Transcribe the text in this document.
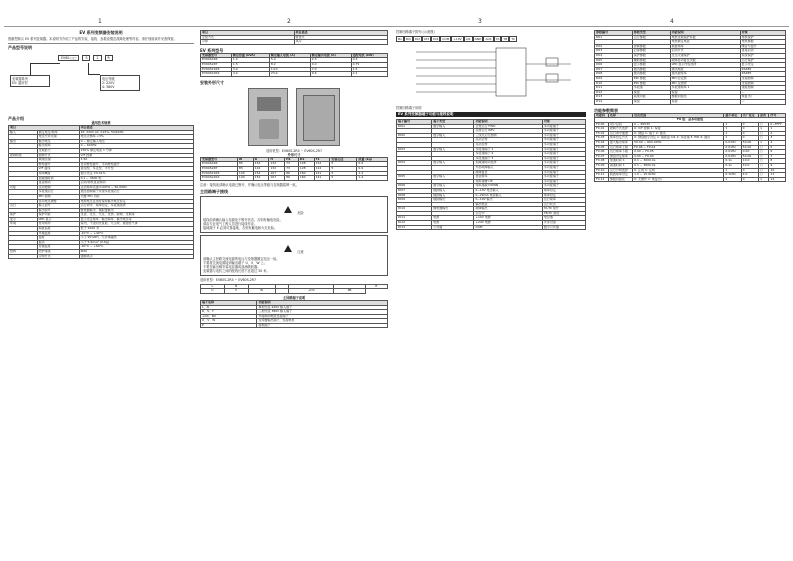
1	2	3	4
EV 系列变频器安装说明
感谢您购买 EV 系列变频器。本说明书介绍了产品的安装、接线、参数设置及故障处理等内容，请仔细阅读并妥善保管。
产品型号说明
EV60-□□	S	2	R
变频器系列
EV: 通用型
电压等级
2: 220V
4: 380V
产品介绍
通用技术规格
项目		项目描述
输入	额定电压/频率	1P, 220V AC ±15%, 50/60Hz
	电压允许范围	电压失衡率 <3%
输出	输出电压	0 ~ 额定输入电压
	输出频率	0 ~ 600Hz
	过载能力	150% 额定电流 1 分钟
控制特性	控制方式	V/F 控制
	调速范围	1:50
	转矩提升	自动转矩提升、手动转矩提升
	V/F 曲线	直线型、多点型、平方型
	频率精度	数字设定 ±0.01%
	加减速时间	0.1 ~ 3600 秒
	直流制动	启动/停机直流制动
功能	点动控制	点动频率范围 0.00Hz ~ 50.00Hz
	多段速运行	通过控制端子实现多段速运行
	PID 控制	内置 PID 功能
	自动电压调整	电网电压变化时保持输出电压恒定
运行	输入信号	运行命令、频率给定、多段速选择
	输出信号	继电器输出、模拟量输出
保护	保护功能	过流、过压、欠压、过热、缺相、过载等
显示	LED 显示	显示设定频率、输出频率、输出电压等
环境	使用场所	室内，不受阳光直射，无尘埃、腐蚀性气体
	海拔高度	低于 1000 米
	环境温度	-10°C ~ +40°C
	湿度	小于 95%RH，无水珠凝结
	振动	小于 5.9m/s² (0.6g)
	存储温度	-20°C ~ +60°C
结构	防护等级	IP20
	冷却方式	强制风冷
项目	项目描述
安装方式	壁挂式
冷却	风冷
EV 系列型号
变频器型号	额定容量 (kVA)	额定输入电流 (A)	额定输出电流 (A)	适配电机 (kW)
EV60S2R4	1.0	5.4	2.3	0.4
EV60S2R7	1.5	8.2	4.0	0.75
EV60S21R5	3.0	14.0	7.0	1.5
EV60S22R2	4.0	23.0	9.6	2.2
安装外形尺寸
适用机型：EV60S-2R4 ~ EV60S-2R7
外形尺寸
变频器型号	W	D	H	H1	D1	T1	安装孔径	质量 (kg)
EV60S2R4	85	142	132	73	128	112	5	0.9
EV60S2R7	85	142	132	73	128	112	5	0.9
EV60S21R5	100	152	167	86	160	141	5	1.4
EV60S22R2	100	152	167	86	160	141	5	1.4
注意：接线前请确认电源已断开，并确认电压等级与变频器铭牌一致。
主回路端子接线
危险
接线前请确认输入电源处于断开状态，否则有触电危险。
请由专业电气工程人员进行接线作业。
接地端子 E 必须可靠接地，否则有触电和火灾危险。
注意
请确认主回路交流电源的电压与变频器额定电压一致。
不要将交流电源接到输出端子 U、V、W 上。
不要在输出侧安装电容器或浪涌吸收器。
变频器与电机之间的配线长度不宜超过 50 米。
适用机型：EV60S-2R4 ~ EV60S-2R7
L	N					E
U	V	W		+DC	PB	
主回路端子说明
端子名称	功能说明
L、N	单相交流 220V 输入端子
R、S、T	三相交流 380V 输入端子
+DC、B2	外接制动电阻连接端子
U、V、W	变频器输出端子，连接电机
E	接地端子
控制回路端子排列 (示意图)
Bx	DI1	DI2	DI3	DI4	COM	+10V	AI1	GND	AO1	TA	TB	TC
控制回路端子说明
EV 系列变频器端子功能与接线说明
端子编号	端子类型	功能说明	对象
DI01	数字输入	正转运行 FWD	多功能端子
		反转运行 REV	多功能端子
DI02	数字输入	三线式运行控制	多功能端子
		点动正转	多功能端子
		点动反转	多功能端子
DI03	数字输入	多段速端子 1	多功能端子
		多段速端子 2	多功能端子
		多段速端子 3	多功能端子
DI04	数字输入	加减速时间选择	多功能端子
		外部故障输入	多功能端子
		故障复位	多功能端子
DI05	数字输入	自由停车	多功能端子
		频率递增 UP	多功能端子
DI06	数字输入	频率递减 DOWN	多功能端子
DI07	模拟输入	0~10V 电压输入	频率给定
DI08	模拟输入	0~20mA 电流输入	频率给定
DI09	模拟输出	0~10V 输出	运行频率
		输出电流	运行状态
DI10	继电器输出	故障输出	TA-TC 常开
		运行中	TB-TC 常闭
DI11	电源	+10V 电源	电位器
DI12	电源	+24V 电源	外部设备
DI13	公共端	COM	数字公共端
参数编号	参数类型	功能说明	对象
D01	运行参数	电机过载保护系数	电机保护
		电机额定电流	电机参数
D02	控制参数	载波频率	噪音与温升
D03	启停参数	启动方式	直接启动
D04	保护参数	过压失速保护	系统保护
D05	辅助参数	故障自动复位次数	运行保护
D06	显示参数	LED 显示内容选择	显示设定
D07	通讯参数	通讯地址	RS485
D08	通讯参数	通讯波特率	RS485
D09	PID 参数	PID 给定源	过程控制
D10	PID 参数	PID 反馈源	过程控制
D11	多段速	多段速频率 1	速度控制
D12	保留	保留	—
D13	高级功能	参数初始化	恢复出厂
D14	保留	保留	—
功能参数简表
功能码	名称	设定范围	最小单位	出厂设定	更改	序号
F0 组：基本功能组						
F0.00	用户密码	0 ~ 65535	1	0	○	0~FFFF
F0.01	控制方式选择	0: V/F 控制 1: 保留	1	0	×	1
F0.02	运行命令通道	0: 键盘 1: 端子 2: 通讯	1	0	○	2
F0.03	频率给定方式	0: 键盘数字设定 1: 模拟量 AI1 2: 多段速 3: PID 4: 通讯	1	0	○	3
F0.04	最大输出频率	50.00 ~ 600.00Hz	0.01Hz	50.00	×	4
F0.05	运行频率上限	F0.06 ~ F0.04	0.01Hz	50.00	○	5
F0.06	运行频率下限	0.00 ~ F0.05	0.01Hz	0.00	○	6
F0.07	键盘设定频率	0.00 ~ F0.04	0.01Hz	50.00	○	7
F0.08	加速时间 1	0.1 ~ 3600.0s	0.1s	10.0	○	8
F0.09	减速时间 1	0.1 ~ 3600.0s	0.1s	10.0	○	9
F0.10	运行方向选择	0: 正向 1: 反向	1	0	○	10
F0.11	载波频率设定	1.0 ~ 15.0kHz	0.1kHz	4.0	○	11
F0.12	参数初始化	0: 无操作 1: 恢复出厂	1	0	×	12
